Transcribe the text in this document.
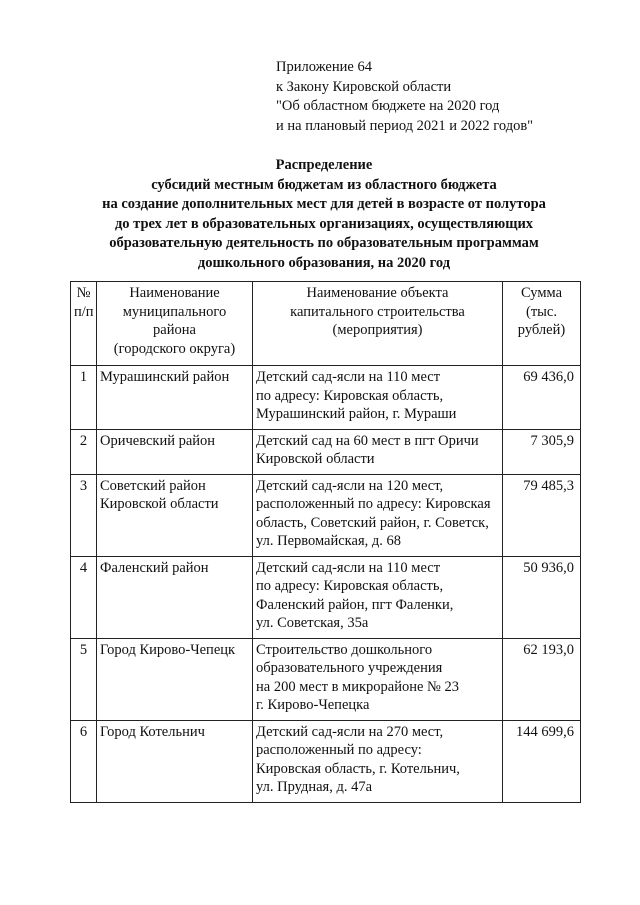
Приложение 64
к Закону Кировской области
"Об областном бюджете на 2020 год
и на плановый период 2021 и 2022 годов"
Распределение
субсидий местным бюджетам из областного бюджета
на создание дополнительных мест для детей в возрасте от полутора
до трех лет в образовательных организациях, осуществляющих
образовательную деятельность по образовательным программам
дошкольного образования, на 2020 год
№
п/п	Наименование
муниципального
района
(городского округа)	Наименование объекта
капитального строительства
(мероприятия)	Сумма
(тыс.
рублей)

1	Мурашинский район	Детский сад-ясли на 110 мест
по адресу: Кировская область,
Мурашинский район, г. Мураши	69 436,0
2	Оричевский район	Детский сад на 60 мест в пгт Оричи
Кировской области	7 305,9
3	Советский район
Кировской области	Детский сад-ясли на 120 мест,
расположенный по адресу: Кировская
область, Советский район, г. Советск,
ул. Первомайская, д. 68	79 485,3
4	Фаленский район	Детский сад-ясли на 110 мест
по адресу: Кировская область,
Фаленский район, пгт Фаленки,
ул. Советская, 35а	50 936,0
5	Город Кирово-Чепецк	Строительство дошкольного
образовательного учреждения
на 200 мест в микрорайоне № 23
г. Кирово-Чепецка	62 193,0
6	Город Котельнич	Детский сад-ясли на 270 мест,
расположенный по адресу:
Кировская область, г. Котельнич,
ул. Прудная, д. 47а	144 699,6
